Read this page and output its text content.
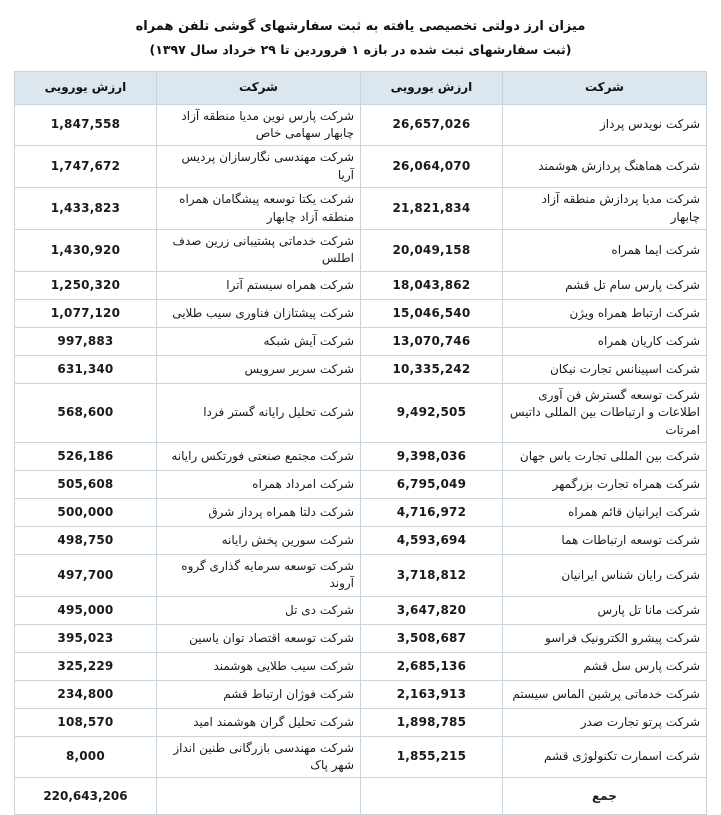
میزان ارز دولتی تخصیصی یافته به ثبت سفارشهای گوشی تلفن همراه
(ثبت سفارشهای ثبت شده در بازه ۱ فروردین تا ۲۹ خرداد سال ۱۳۹۷)
شرکت	ارزش یورویی	شرکت	ارزش یورویی
شرکت نویدس پرداز	26,657,026	شرکت پارس نوین مدیا منطقه آزاد چابهار سهامی خاص	1,847,558
شرکت هماهنگ پردازش هوشمند	26,064,070	شرکت مهندسی نگارسازان پردیس آریا	1,747,672
شرکت مدیا پردازش منطقه آزاد چابهار	21,821,834	شرکت یکتا توسعه پیشگامان همراه منطقه آزاد چابهار	1,433,823
شرکت ایما همراه	20,049,158	شرکت خدماتی پشتیبانی زرین صدف اطلس	1,430,920
شرکت پارس سام تل قشم	18,043,862	شرکت همراه سیستم آترا	1,250,320
شرکت ارتباط همراه ویژن	15,046,540	شرکت پیشتازان فناوری سیب طلایی	1,077,120
شرکت کاریان همراه	13,070,746	شرکت آیش شبکه	997,883
شرکت اسپینانس تجارت نیکان	10,335,242	شرکت سریر سرویس	631,340
شرکت توسعه گسترش فن آوری اطلاعات و ارتباطات بین المللی داتیس امرتات	9,492,505	شرکت تحلیل رایانه گستر فردا	568,600
شرکت بین المللی تجارت یاس جهان	9,398,036	شرکت مجتمع صنعتی فورتکس رایانه	526,186
شرکت همراه تجارت بزرگمهر	6,795,049	شرکت امرداد همراه	505,608
شرکت ایرانیان قائم همراه	4,716,972	شرکت دلتا همراه پرداز شرق	500,000
شرکت توسعه ارتباطات هما	4,593,694	شرکت سورین پخش رایانه	498,750
شرکت رایان شناس ایرانیان	3,718,812	شرکت توسعه سرمایه گذاری گروه آروند	497,700
شرکت مانا تل پارس	3,647,820	شرکت دی تل	495,000
شرکت پیشرو الکترونیک فراسو	3,508,687	شرکت توسعه اقتصاد توان یاسین	395,023
شرکت پارس سل قشم	2,685,136	شرکت سیب طلایی هوشمند	325,229
شرکت خدماتی پرشین الماس سیستم	2,163,913	شرکت فوژان ارتباط قشم	234,800
شرکت پرتو تجارت صدر	1,898,785	شرکت تحلیل گران هوشمند امید	108,570
شرکت اسمارت تکنولوژی قشم	1,855,215	شرکت مهندسی بازرگانی طنین انداز شهر پاک	8,000
جمع			220,643,206
